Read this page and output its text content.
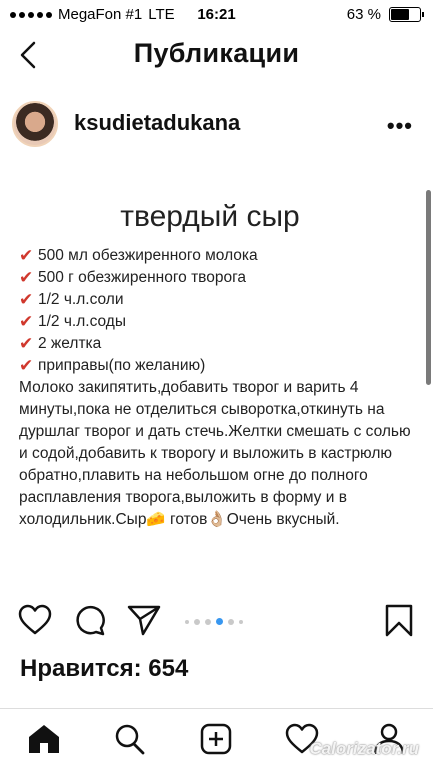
MegaFon #1 LTE	16:21	63 %
Публикации
ksudietadukana	•••
твердый сыр
✔ 500 мл обезжиренного молока
✔ 500 г обезжиренного творога
✔ 1/2 ч.л.соли
✔ 1/2 ч.л.соды
✔ 2 желтка
✔ приправы(по желанию)
Молоко закипятить,добавить творог и варить 4 минуты,пока не отделиться сыворотка,откинуть на дуршлаг творог и дать стечь.Желтки смешать с солью и содой,добавить к творогу и выложить в кастрюлю обратно,плавить на небольшом огне до полного расплавления творога,выложить в форму и в холодильник.Сыр🧀 готов👌🏼Очень вкусный.
Нравится: 654
Calorizator.ru
